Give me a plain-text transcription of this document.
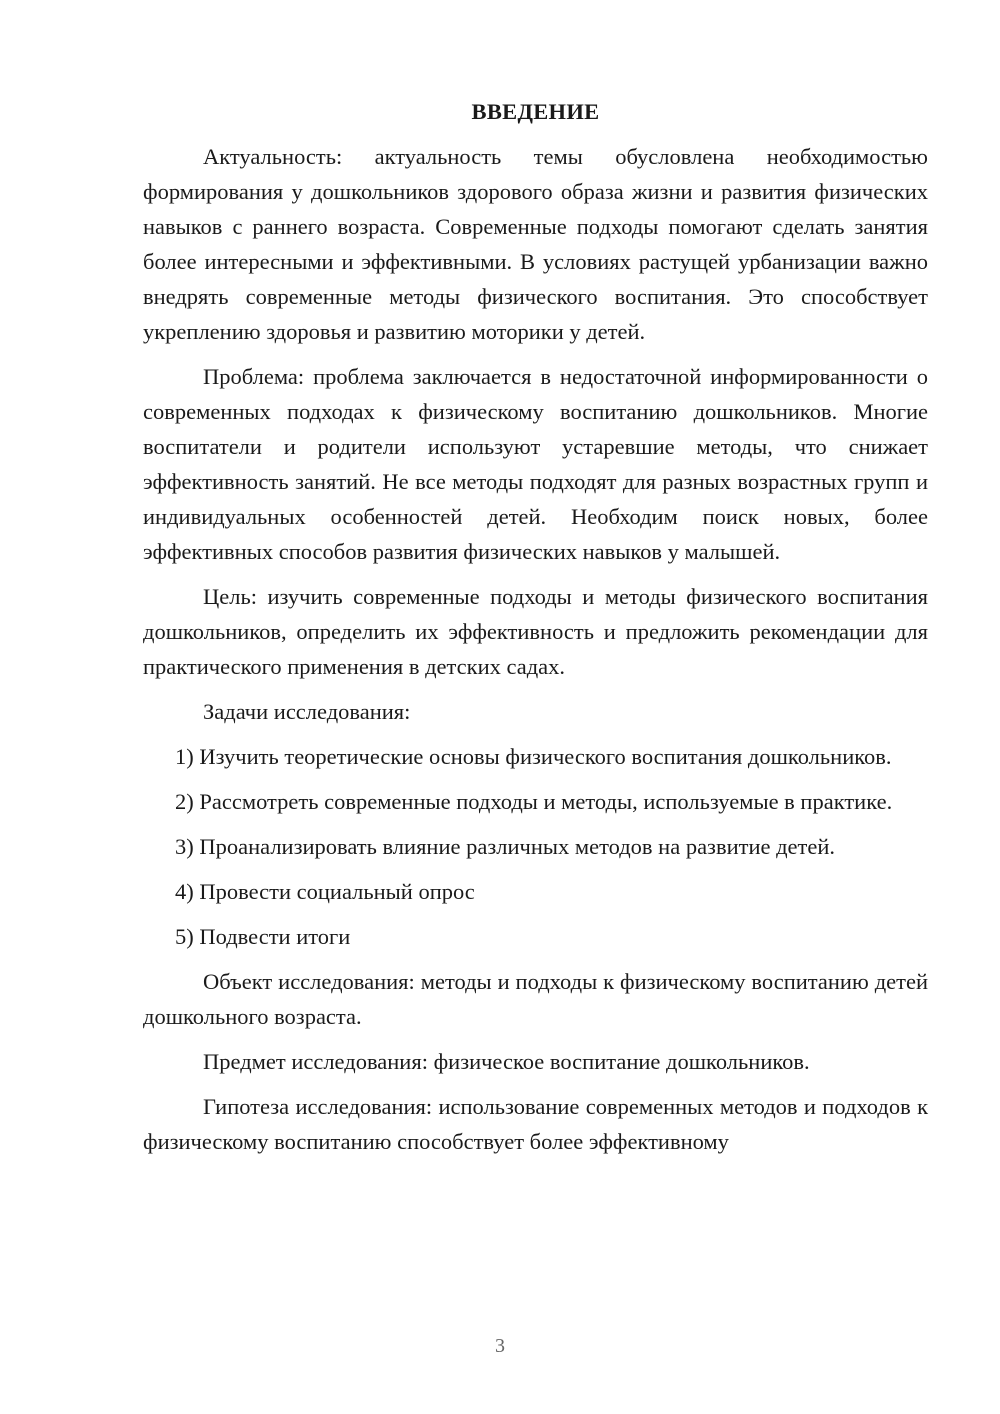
ВВЕДЕНИЕ

Актуальность: актуальность темы обусловлена необходимостью формирования у дошкольников здорового образа жизни и развития физических навыков с раннего возраста. Современные подходы помогают сделать занятия более интересными и эффективными. В условиях растущей урбанизации важно внедрять современные методы физического воспитания. Это способствует укреплению здоровья и развитию моторики у детей.

Проблема: проблема заключается в недостаточной информированности о современных подходах к физическому воспитанию дошкольников. Многие воспитатели и родители используют устаревшие методы, что снижает эффективность занятий. Не все методы подходят для разных возрастных групп и индивидуальных особенностей детей. Необходим поиск новых, более эффективных способов развития физических навыков у малышей.

Цель: изучить современные подходы и методы физического воспитания дошкольников, определить их эффективность и предложить рекомендации для практического применения в детских садах.

Задачи исследования:

1) Изучить теоретические основы физического воспитания дошкольников.

2) Рассмотреть современные подходы и методы, используемые в практике.

3) Проанализировать влияние различных методов на развитие детей.

4) Провести социальный опрос

5) Подвести итоги

Объект исследования: методы и подходы к физическому воспитанию детей дошкольного возраста.

Предмет исследования: физическое воспитание дошкольников.

Гипотеза исследования: использование современных методов и подходов к физическому воспитанию способствует более эффективному

3
